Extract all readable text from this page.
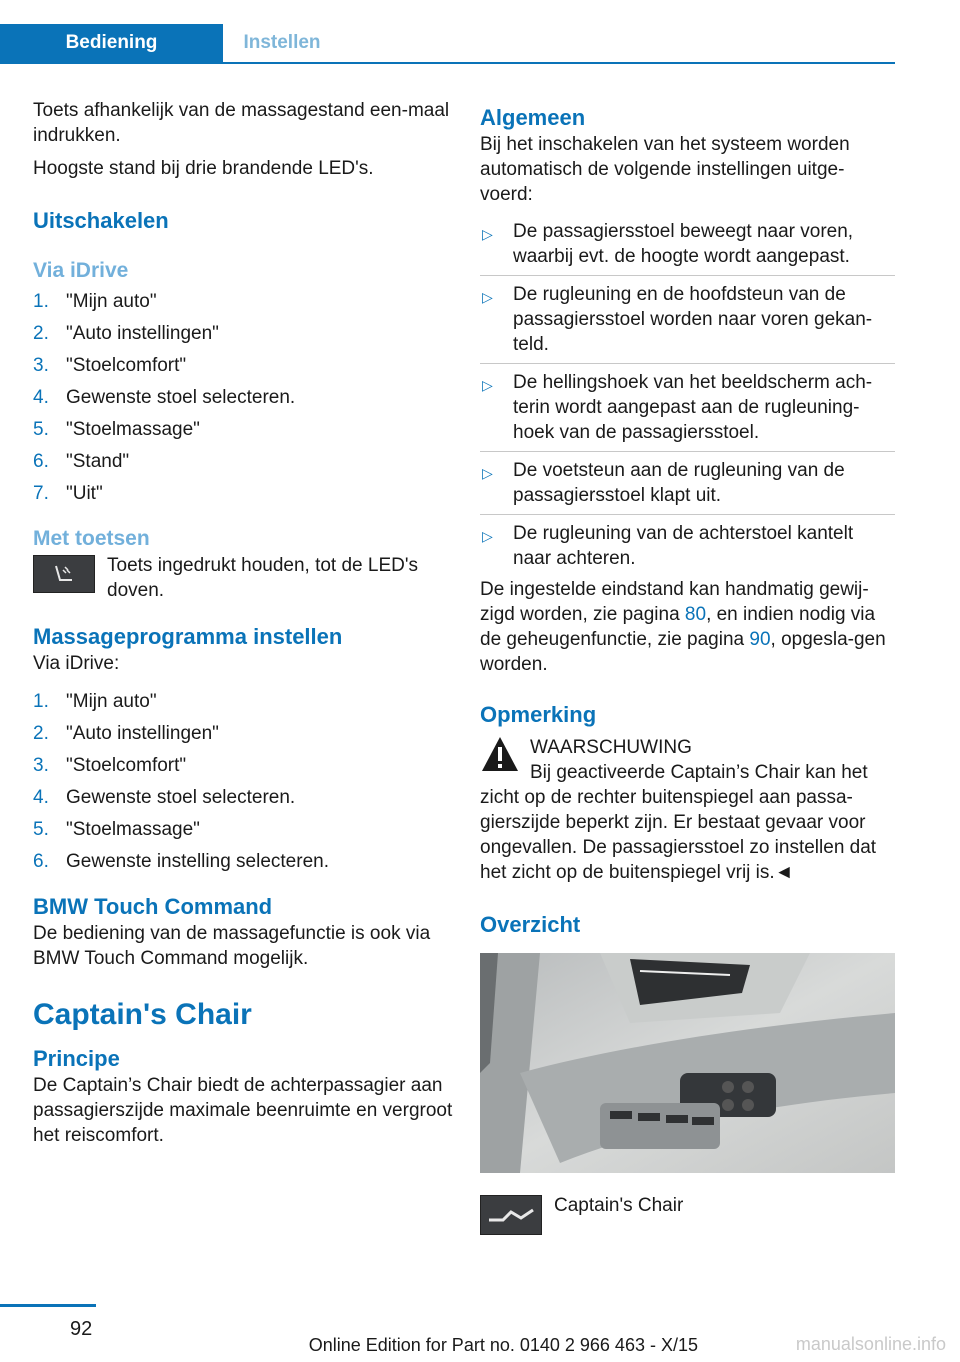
Bediening	Instellen

Toets afhankelijk van de massagestand een-maal indrukken.

Hoogste stand bij drie brandende LED's.

Uitschakelen
Via iDrive
1. "Mijn auto"
2. "Auto instellingen"
3. "Stoelcomfort"
4. Gewenste stoel selecteren.
5. "Stoelmassage"
6. "Stand"
7. "Uit"
Met toetsen

Toets ingedrukt houden, tot de LED's doven.

Massageprogramma instellen

Via iDrive:

1. "Mijn auto"
2. "Auto instellingen"
3. "Stoelcomfort"
4. Gewenste stoel selecteren.
5. "Stoelmassage"
6. Gewenste instelling selecteren.
BMW Touch Command

De bediening van de massagefunctie is ook via BMW Touch Command mogelijk.

Captain's Chair
Principe

De Captain’s Chair biedt de achterpassagier aan passagierszijde maximale beenruimte en vergroot het reiscomfort.

Algemeen

Bij het inschakelen van het systeem worden automatisch de volgende instellingen uitge-voerd:

▷ De passagiersstoel beweegt naar voren, waarbij evt. de hoogte wordt aangepast.
▷ De rugleuning en de hoofdsteun van de passagiersstoel worden naar voren gekan-teld.
▷ De hellingshoek van het beeldscherm ach-terin wordt aangepast aan de rugleuning-hoek van de passagiersstoel.
▷ De voetsteun aan de rugleuning van de passagiersstoel klapt uit.
▷ De rugleuning van de achterstoel kantelt naar achteren.

De ingestelde eindstand kan handmatig gewij-zigd worden, zie pagina 80, en indien nodig via de geheugenfunctie, zie pagina 90, opgesla-gen worden.

Opmerking

WAARSCHUWING

Bij geactiveerde Captain’s Chair kan het zicht op de rechter buitenspiegel aan passa-gierszijde beperkt zijn. Er bestaat gevaar voor ongevallen. De passagiersstoel zo instellen dat het zicht op de buitenspiegel vrij is.◄

Overzicht

Captain's Chair

92
Online Edition for Part no. 0140 2 966 463 - X/15	manualsonline.info
